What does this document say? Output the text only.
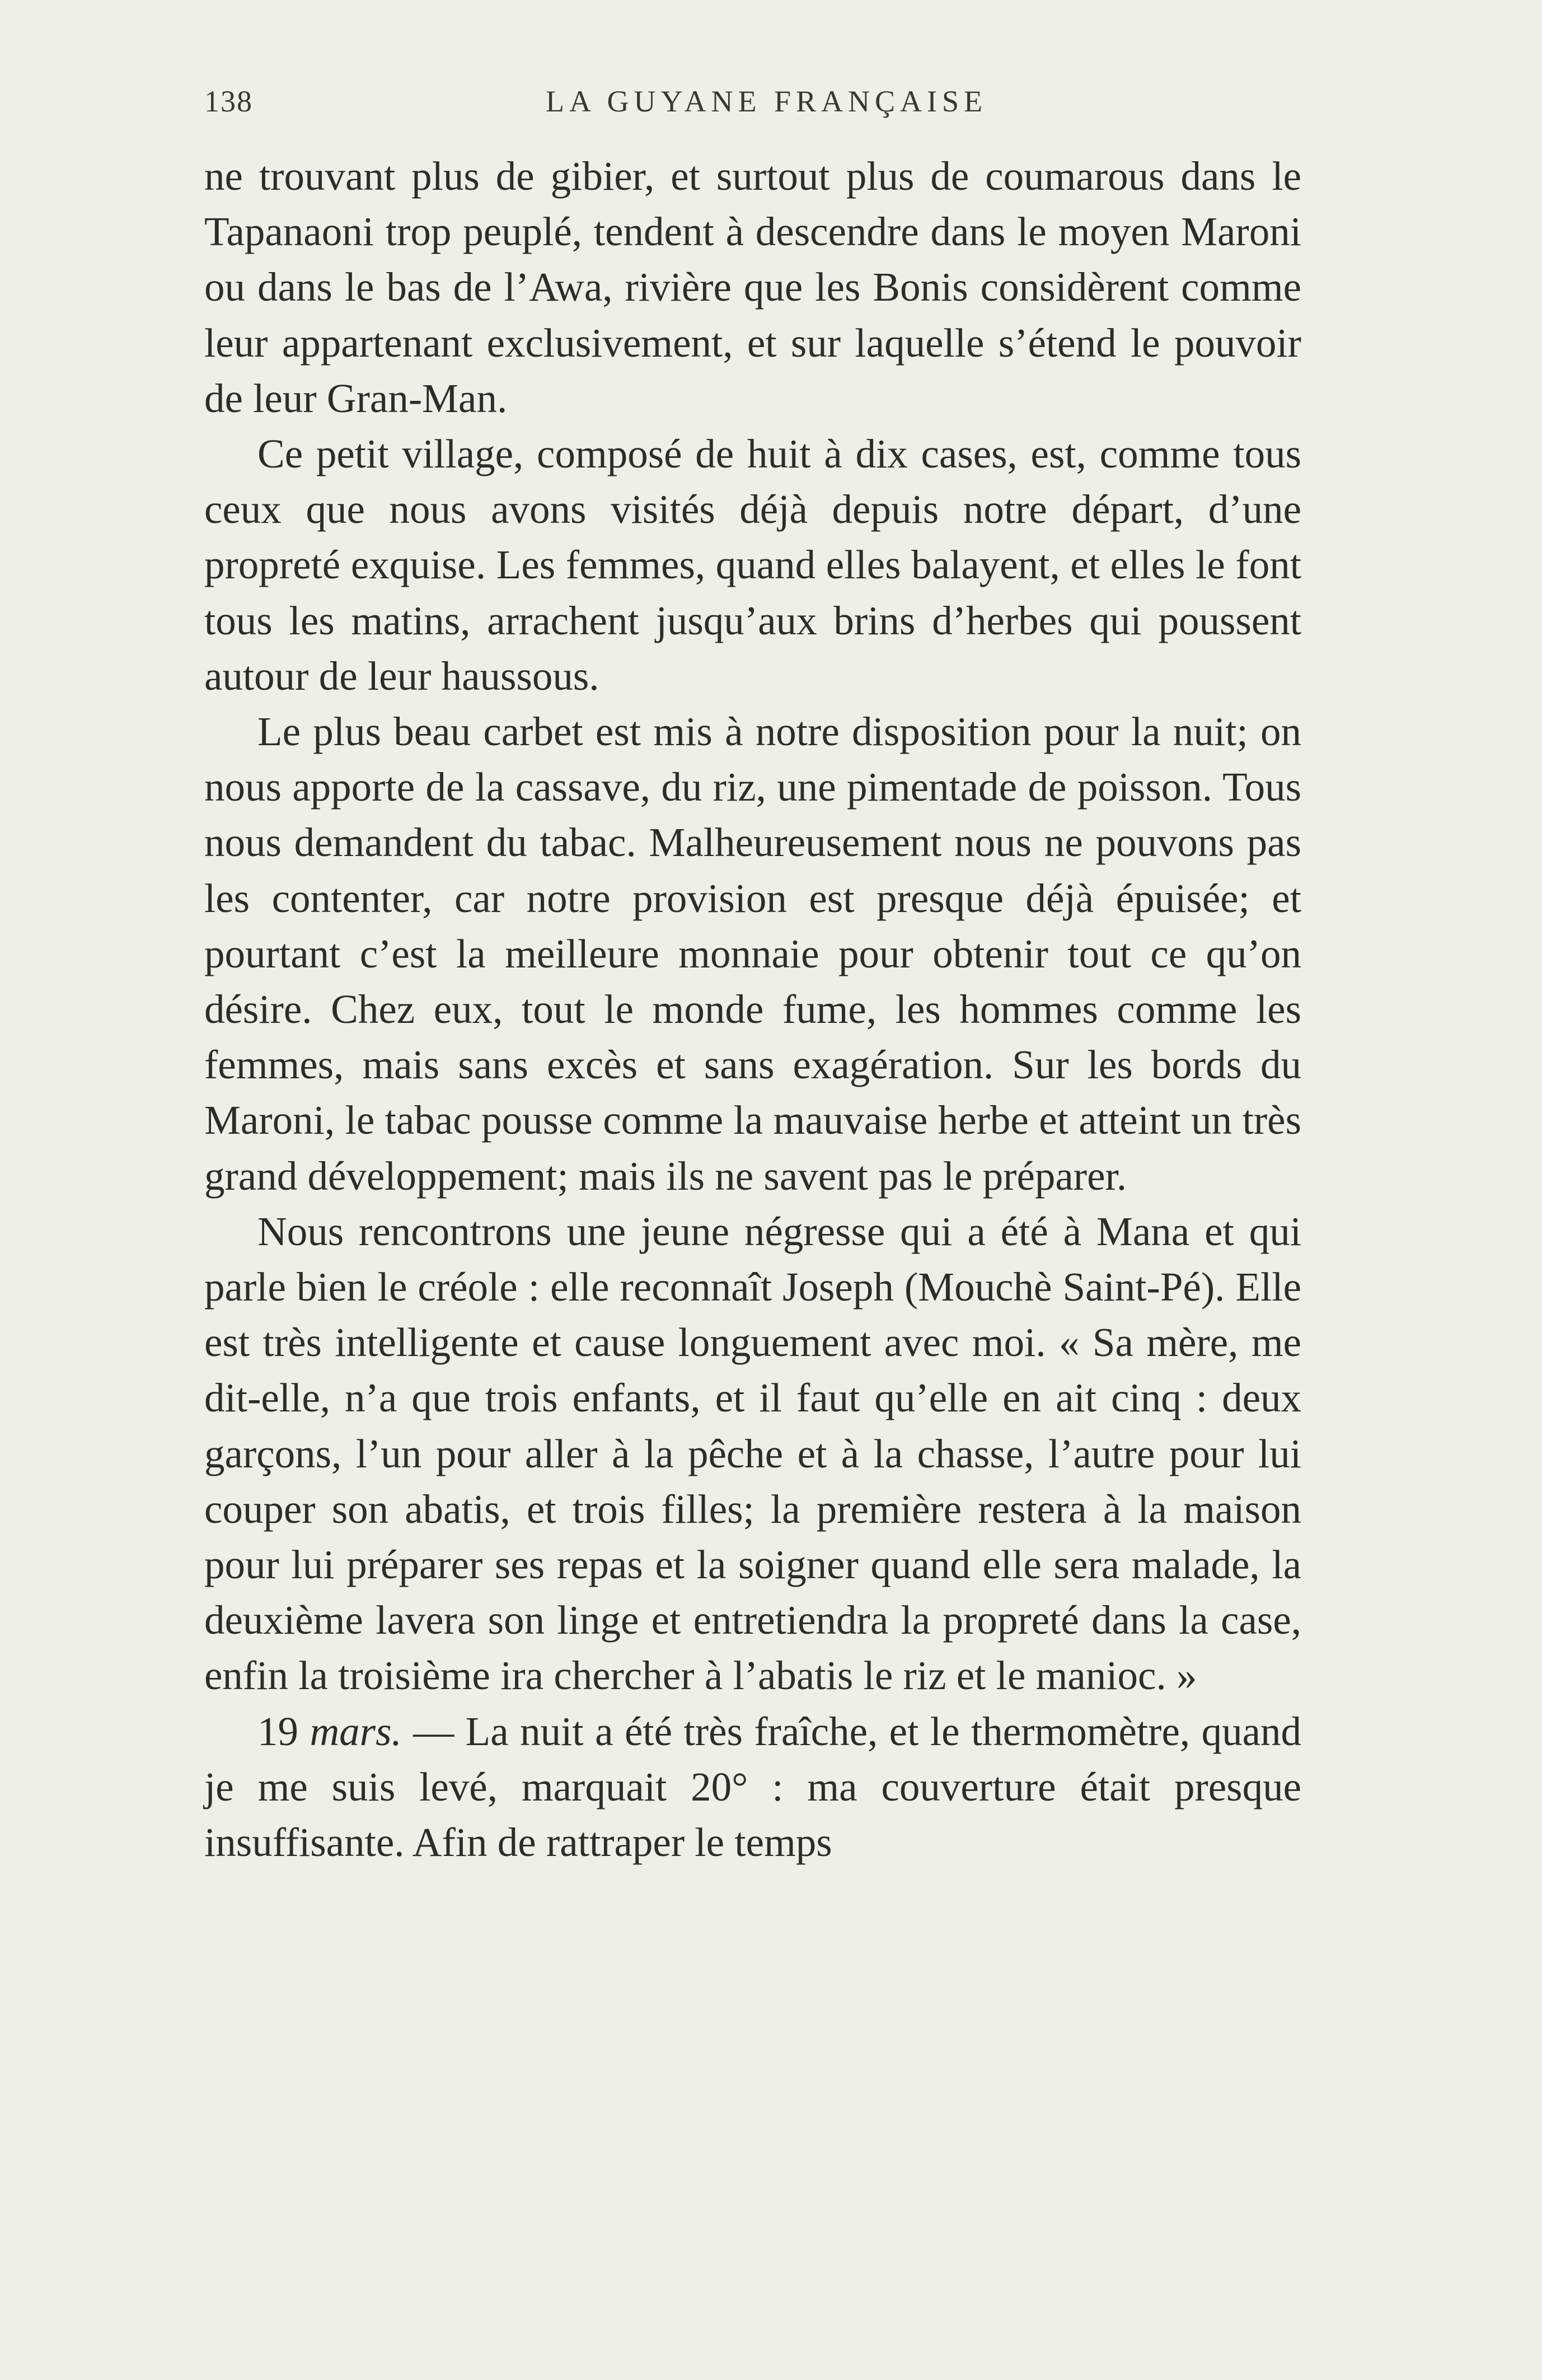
138	LA GUYANE FRANÇAISE

ne trouvant plus de gibier, et surtout plus de coumarous dans le Tapanaoni trop peuplé, tendent à descendre dans le moyen Maroni ou dans le bas de l’Awa, rivière que les Bonis considèrent comme leur appartenant exclusivement, et sur laquelle s’étend le pouvoir de leur Gran-Man.

Ce petit village, composé de huit à dix cases, est, comme tous ceux que nous avons visités déjà depuis notre départ, d’une propreté exquise. Les femmes, quand elles balayent, et elles le font tous les matins, arrachent jusqu’aux brins d’herbes qui poussent autour de leur haussous.

Le plus beau carbet est mis à notre disposition pour la nuit; on nous apporte de la cassave, du riz, une pimentade de poisson. Tous nous demandent du tabac. Malheureusement nous ne pouvons pas les contenter, car notre provision est presque déjà épuisée; et pourtant c’est la meilleure monnaie pour obtenir tout ce qu’on désire. Chez eux, tout le monde fume, les hommes comme les femmes, mais sans excès et sans exagération. Sur les bords du Maroni, le tabac pousse comme la mauvaise herbe et atteint un très grand développement; mais ils ne savent pas le préparer.

Nous rencontrons une jeune négresse qui a été à Mana et qui parle bien le créole : elle reconnaît Joseph (Mouchè Saint-Pé). Elle est très intelligente et cause longuement avec moi. « Sa mère, me dit-elle, n’a que trois enfants, et il faut qu’elle en ait cinq : deux garçons, l’un pour aller à la pêche et à la chasse, l’autre pour lui couper son abatis, et trois filles; la première restera à la maison pour lui préparer ses repas et la soigner quand elle sera malade, la deuxième lavera son linge et entretiendra la propreté dans la case, enfin la troisième ira chercher à l’abatis le riz et le manioc. »

19 mars. — La nuit a été très fraîche, et le thermomètre, quand je me suis levé, marquait 20° : ma couverture était presque insuffisante. Afin de rattraper le temps
